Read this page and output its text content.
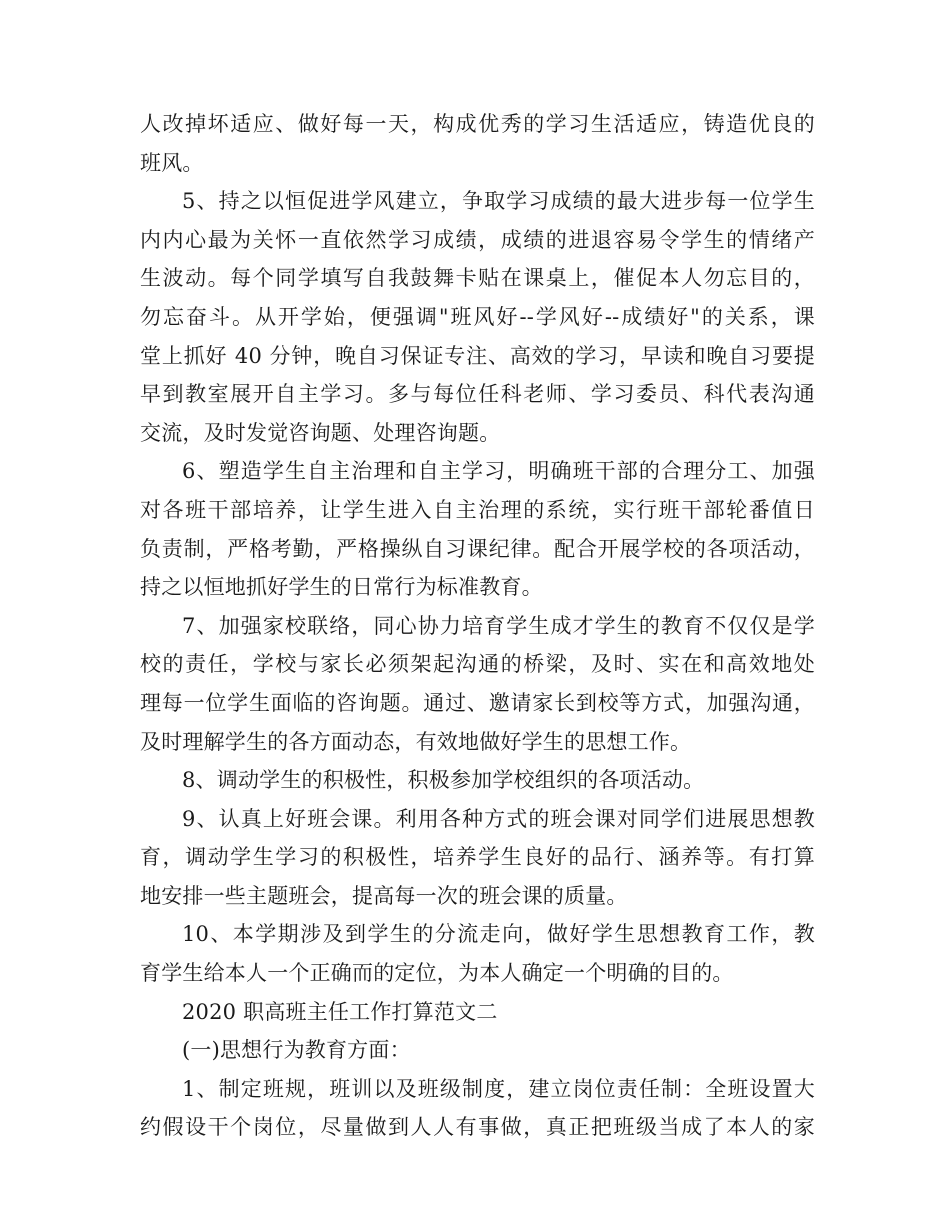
人改掉坏适应、做好每一天，构成优秀的学习生活适应，铸造优良的
班风。
5、持之以恒促进学风建立，争取学习成绩的最大进步每一位学生
内内心最为关怀一直依然学习成绩，成绩的进退容易令学生的情绪产
生波动。每个同学填写自我鼓舞卡贴在课桌上，催促本人勿忘目的，
勿忘奋斗。从开学始，便强调"班风好--学风好--成绩好"的关系，课
堂上抓好 40 分钟，晚自习保证专注、高效的学习，早读和晚自习要提
早到教室展开自主学习。多与每位任科老师、学习委员、科代表沟通
交流，及时发觉咨询题、处理咨询题。
6、塑造学生自主治理和自主学习，明确班干部的合理分工、加强
对各班干部培养，让学生进入自主治理的系统，实行班干部轮番值日
负责制，严格考勤，严格操纵自习课纪律。配合开展学校的各项活动，
持之以恒地抓好学生的日常行为标准教育。
7、加强家校联络，同心协力培育学生成才学生的教育不仅仅是学
校的责任，学校与家长必须架起沟通的桥梁，及时、实在和高效地处
理每一位学生面临的咨询题。通过、邀请家长到校等方式，加强沟通，
及时理解学生的各方面动态，有效地做好学生的思想工作。
8、调动学生的积极性，积极参加学校组织的各项活动。
9、认真上好班会课。利用各种方式的班会课对同学们进展思想教
育，调动学生学习的积极性，培养学生良好的品行、涵养等。有打算
地安排一些主题班会，提高每一次的班会课的质量。
10、本学期涉及到学生的分流走向，做好学生思想教育工作，教
育学生给本人一个正确而的定位，为本人确定一个明确的目的。
2020 职高班主任工作打算范文二
(一)思想行为教育方面：
1、制定班规，班训以及班级制度，建立岗位责任制：全班设置大
约假设干个岗位，尽量做到人人有事做，真正把班级当成了本人的家
